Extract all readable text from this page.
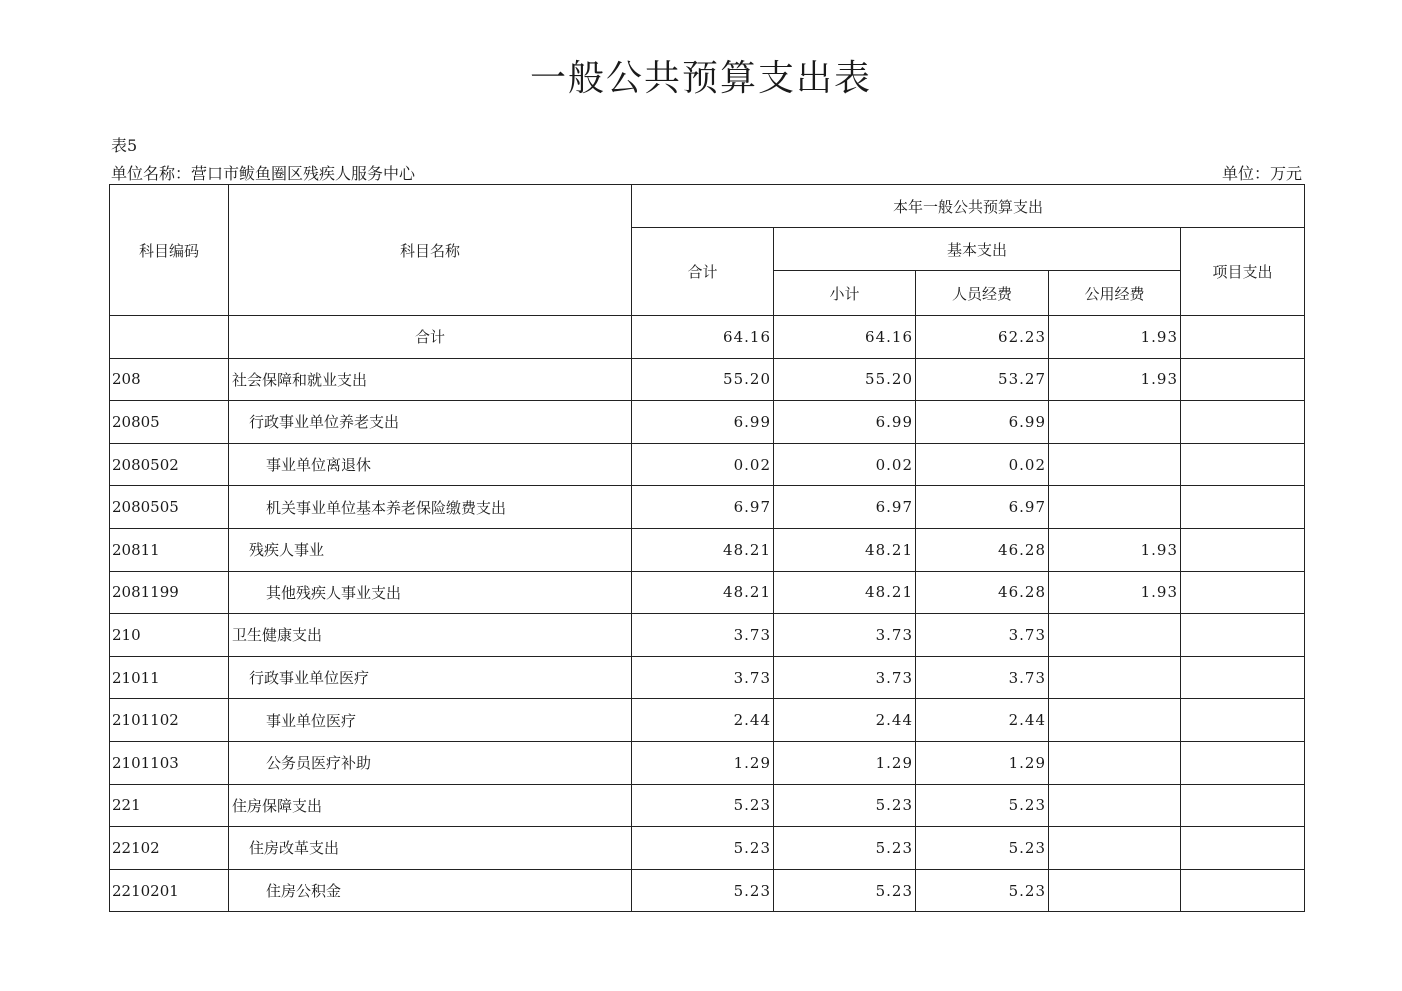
一般公共预算支出表
表5
单位名称：营口市鲅鱼圈区残疾人服务中心	单位：万元
科目编码	科目名称	本年一般公共预算支出				
		合计	基本支出			项目支出
			小计	人员经费	公用经费	
	合计	64.16	64.16	62.23	1.93	
208	社会保障和就业支出	55.20	55.20	53.27	1.93	
20805	行政事业单位养老支出	6.99	6.99	6.99		
2080502	事业单位离退休	0.02	0.02	0.02		
2080505	机关事业单位基本养老保险缴费支出	6.97	6.97	6.97		
20811	残疾人事业	48.21	48.21	46.28	1.93	
2081199	其他残疾人事业支出	48.21	48.21	46.28	1.93	
210	卫生健康支出	3.73	3.73	3.73		
21011	行政事业单位医疗	3.73	3.73	3.73		
2101102	事业单位医疗	2.44	2.44	2.44		
2101103	公务员医疗补助	1.29	1.29	1.29		
221	住房保障支出	5.23	5.23	5.23		
22102	住房改革支出	5.23	5.23	5.23		
2210201	住房公积金	5.23	5.23	5.23		
